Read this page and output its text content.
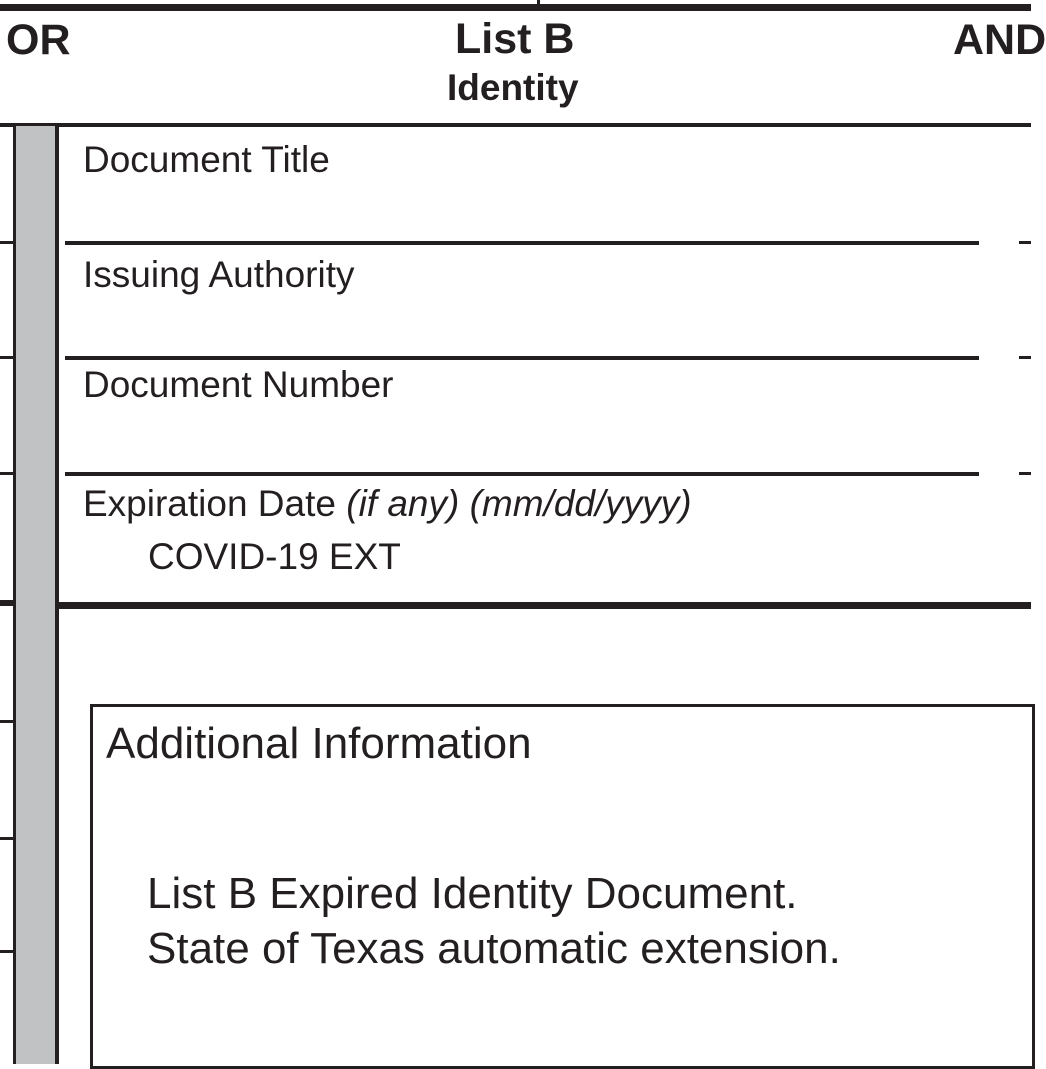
OR	List B
Identity
AND
Document Title
Issuing Authority
Document Number
Expiration Date (if any) (mm/dd/yyyy)
COVID-19 EXT
Additional Information
List B Expired Identity Document.
State of Texas automatic extension.
